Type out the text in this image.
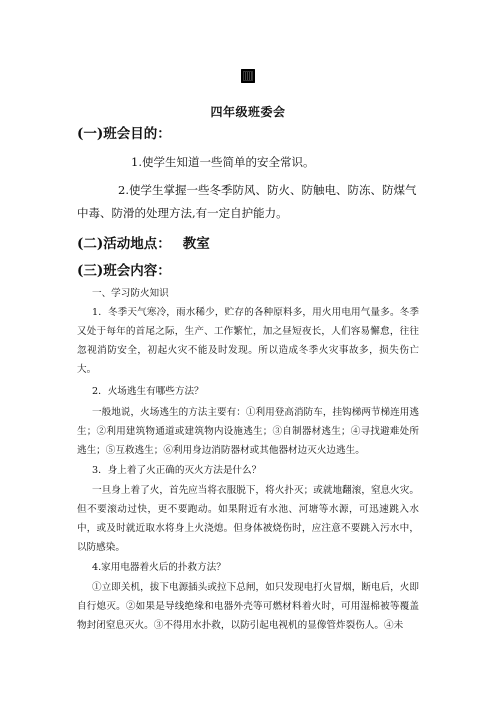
四年级班委会
(一)班会目的：
1.使学生知道一些简单的安全常识。
2.使学生掌握一些冬季防风、防火、防触电、防冻、防煤气
中毒、防滑的处理方法,有一定自护能力。
(二)活动地点： 教室
(三)班会内容：
一、学习防火知识
1．冬季天气寒冷，雨水稀少，贮存的各种原料多，用火用电用气量多。冬季又处于每年的首尾之际，生产、工作繁忙，加之昼短夜长，人们容易懈怠，往往忽视消防安全，初起火灾不能及时发现。所以造成冬季火灾事故多，损失伤亡大。
2．火场逃生有哪些方法？
一般地说，火场逃生的方法主要有：①利用登高消防车，挂钩梯两节梯连用逃生；②利用建筑物通道或建筑物内设施逃生；③自制器材逃生；④寻找避难处所逃生；⑤互救逃生；⑥利用身边消防器材或其他器材边灭火边逃生。
3．身上着了火正确的灭火方法是什么？
一旦身上着了火，首先应当将衣服脱下，将火扑灭；或就地翻滚，窒息火灾。但不要滚动过快，更不要跑动。如果附近有水池、河塘等水源，可迅速跳入水中，或及时就近取水将身上火浇熄。但身体被烧伤时，应注意不要跳入污水中，以防感染。
4.家用电器着火后的扑救方法？
①立即关机，拔下电源插头或拉下总闸，如只发现电打火冒烟，断电后，火即自行熄灭。②如果是导线绝缘和电器外壳等可燃材料着火时，可用湿棉被等覆盖物封闭窒息灭火。③不得用水扑救，以防引起电视机的显像管炸裂伤人。④未
